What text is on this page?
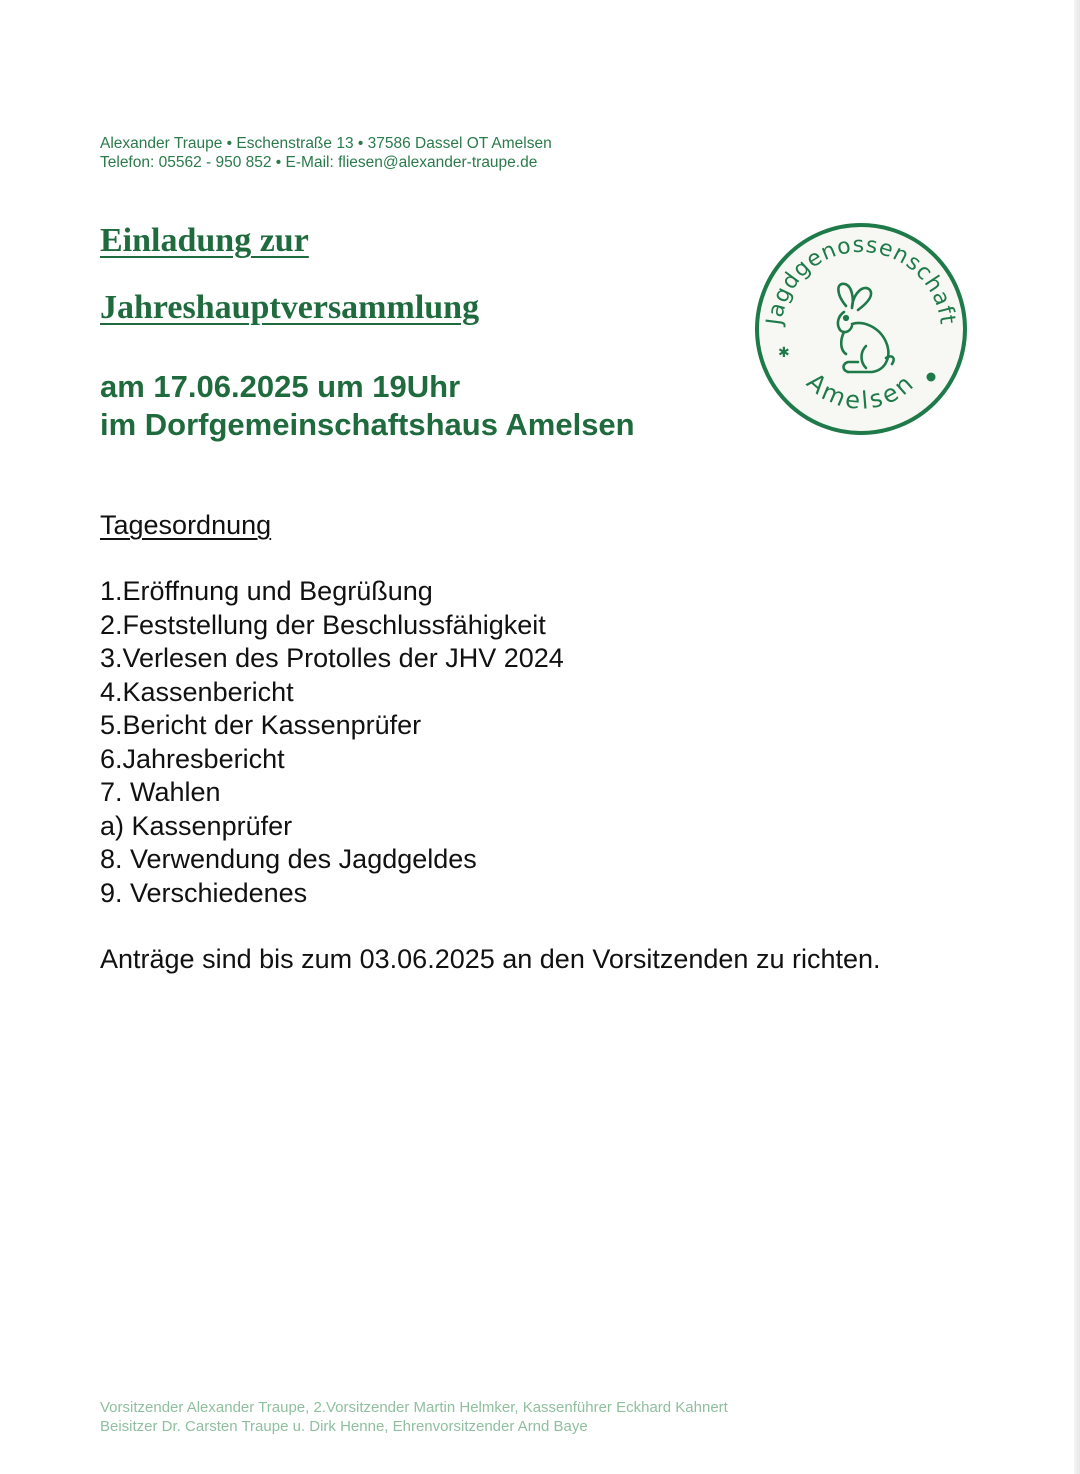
Alexander Traupe • Eschenstraße 13 • 37586 Dassel OT Amelsen
Telefon: 05562 - 950 852 • E-Mail: fliesen@alexander-traupe.de
Einladung zur
Jahreshauptversammlung
am 17.06.2025 um 19Uhr
im Dorfgemeinschaftshaus Amelsen
Jagdgenossenschaft
Amelsen
✱
Tagesordnung
1.Eröffnung und Begrüßung
2.Feststellung der Beschlussfähigkeit
3.Verlesen des Protolles der JHV 2024
4.Kassenbericht
5.Bericht der Kassenprüfer
6.Jahresbericht
7. Wahlen
a) Kassenprüfer
8. Verwendung des Jagdgeldes
9. Verschiedenes
Anträge sind bis zum 03.06.2025 an den Vorsitzenden zu richten.
Vorsitzender Alexander Traupe, 2.Vorsitzender Martin Helmker, Kassenführer Eckhard Kahnert
Beisitzer Dr. Carsten Traupe u. Dirk Henne, Ehrenvorsitzender Arnd Baye
